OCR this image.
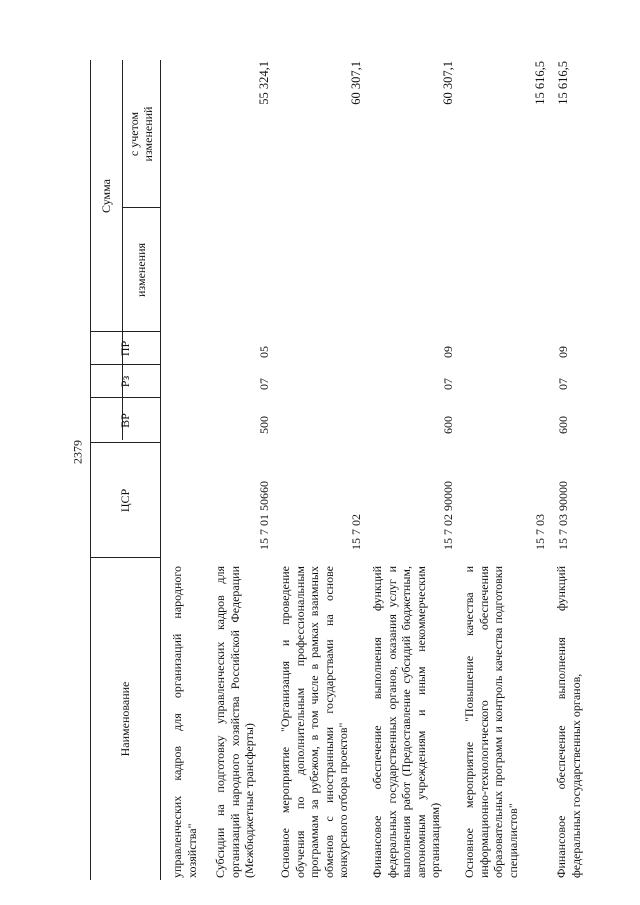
2379
Наименование
ЦСР
ВР
Рз
ПР
Сумма
изменения
с учетом изменений
управленческих кадров для организаций народного хозяйства" Субсидии на подготовку управленческих кадров для организаций народного хозяйства Российской Федерации (Межбюджетные трансферты)
15 7 01 50660
500
07
05
55 324,1
Основное мероприятие "Организация и проведение обучения по дополнительным профессиональным программам за рубежом, в том числе в рамках взаимных обменов с иностранными государствами на основе конкурсного отбора проектов"
15 7 02
60 307,1
Финансовое обеспечение выполнения функций федеральных государственных органов, оказания услуг и выполнения работ (Предоставление субсидий бюджетным, автономным учреждениям и иным некоммерческим организациям)
15 7 02 90000
600
07
09
60 307,1
Основное мероприятие "Повышение качества и информационно-технологического обеспечения образовательных программ и контроль качества подготовки специалистов"
15 7 03
15 616,5
Финансовое обеспечение выполнения функций федеральных государственных органов,
15 7 03 90000
600
07
09
15 616,5
